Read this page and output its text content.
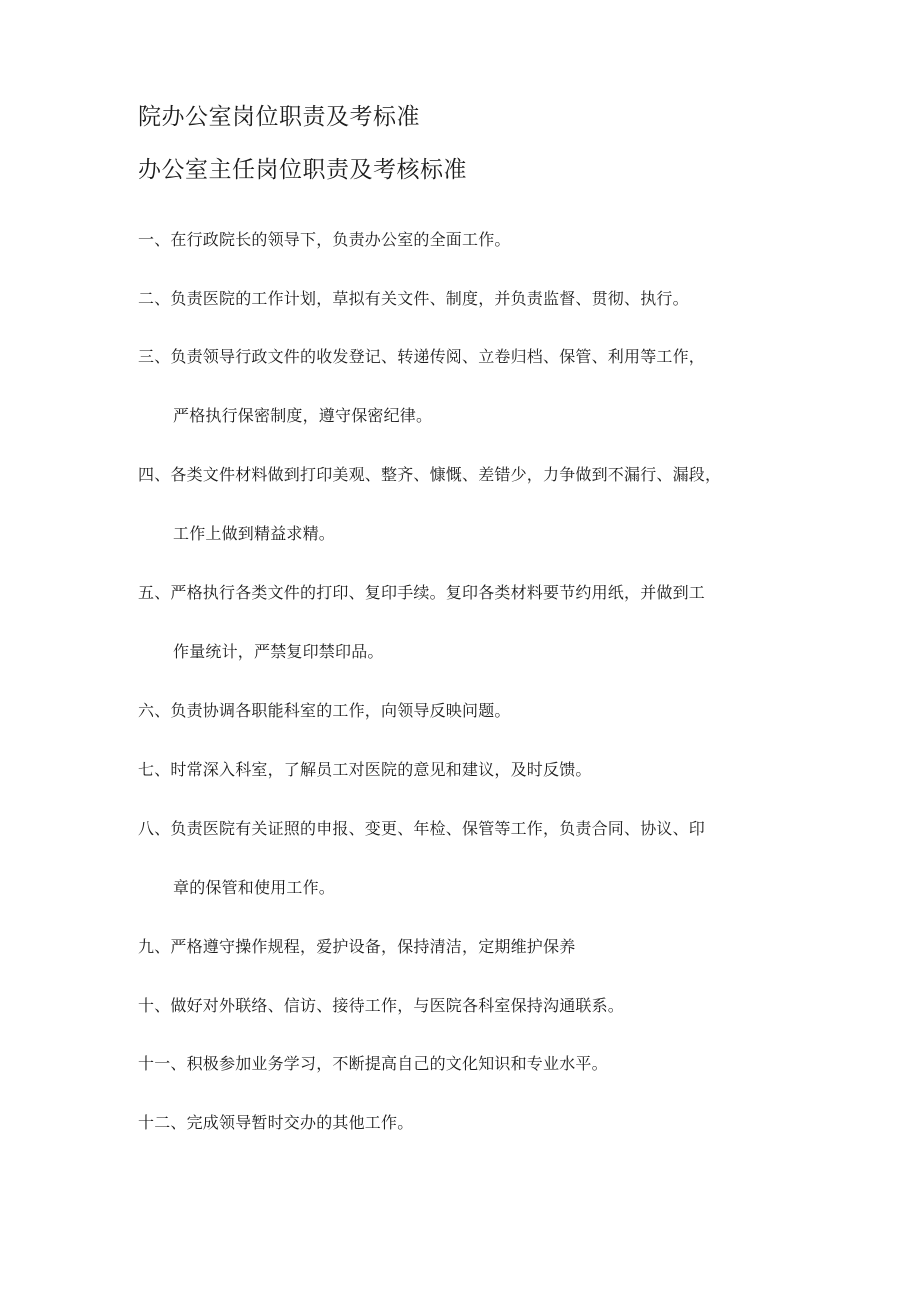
院办公室岗位职责及考标准
办公室主任岗位职责及考核标准

一、在行政院长的领导下，负责办公室的全面工作。

二、负责医院的工作计划，草拟有关文件、制度，并负责监督、贯彻、执行。

三、负责领导行政文件的收发登记、转递传阅、立卷归档、保管、利用等工作，

严格执行保密制度，遵守保密纪律。

四、各类文件材料做到打印美观、整齐、慷慨、差错少，力争做到不漏行、漏段，

工作上做到精益求精。

五、严格执行各类文件的打印、复印手续。复印各类材料要节约用纸，并做到工

作量统计，严禁复印禁印品。

六、负责协调各职能科室的工作，向领导反映问题。

七、时常深入科室，了解员工对医院的意见和建议，及时反馈。

八、负责医院有关证照的申报、变更、年检、保管等工作，负责合同、协议、印

章的保管和使用工作。

九、严格遵守操作规程，爱护设备，保持清洁，定期维护保养

十、做好对外联络、信访、接待工作，与医院各科室保持沟通联系。

十一、积极参加业务学习，不断提高自己的文化知识和专业水平。

十二、完成领导暂时交办的其他工作。
